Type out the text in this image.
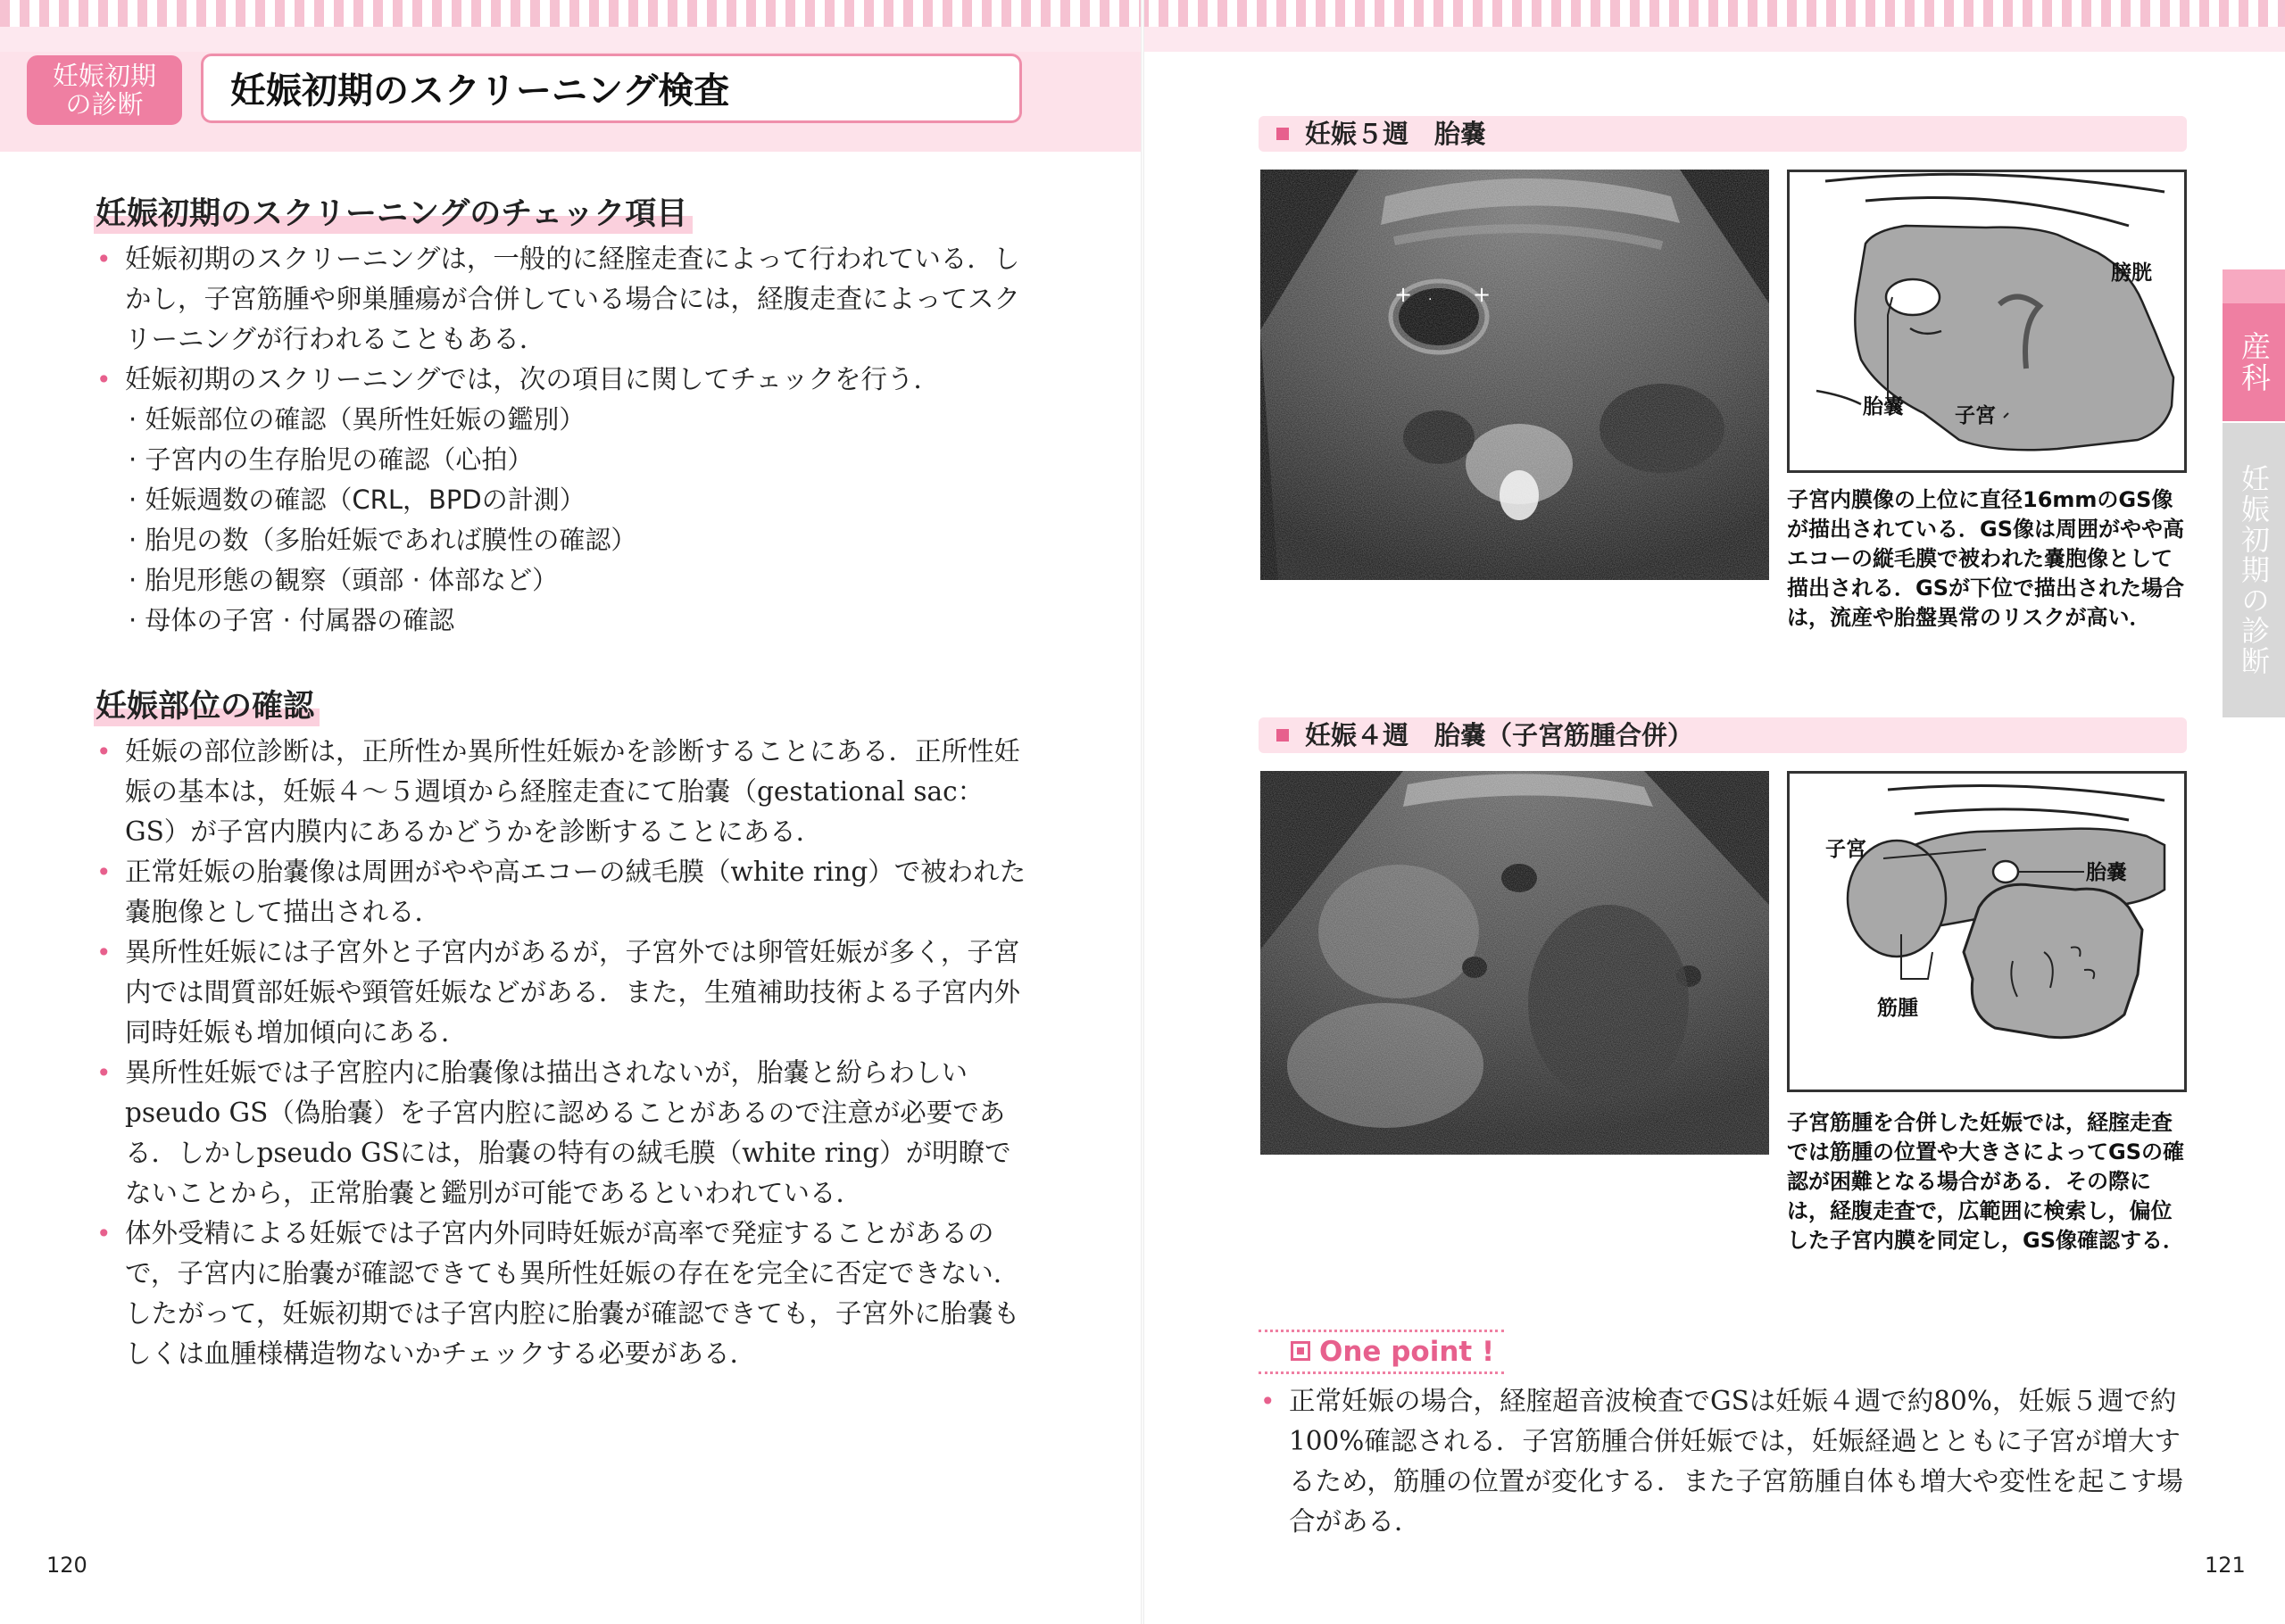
妊娠初期
の診断	妊娠初期のスクリーニング検査
妊娠初期のスクリーニングのチェック項目

• 妊娠初期のスクリーニングは，一般的に経腟走査によって行われている．しかし，子宮筋腫や卵巣腫瘍が合併している場合には，経腹走査によってスクリーニングが行われることもある．

• 妊娠初期のスクリーニングでは，次の項目に関してチェックを行う．

· 妊娠部位の確認（異所性妊娠の鑑別）
· 子宮内の生存胎児の確認（心拍）
· 妊娠週数の確認（CRL，BPDの計測）
· 胎児の数（多胎妊娠であれば膜性の確認）
· 胎児形態の観察（頭部 · 体部など）
· 母体の子宮 · 付属器の確認
妊娠部位の確認

• 妊娠の部位診断は，正所性か異所性妊娠かを診断することにある．正所性妊娠の基本は，妊娠４～５週頃から経腟走査にて胎嚢（gestational sac：GS）が子宮内膜内にあるかどうかを診断することにある．

• 正常妊娠の胎嚢像は周囲がやや高エコーの絨毛膜（white ring）で被われた嚢胞像として描出される．

• 異所性妊娠には子宮外と子宮内があるが，子宮外では卵管妊娠が多く，子宮内では間質部妊娠や頸管妊娠などがある．また，生殖補助技術よる子宮内外同時妊娠も増加傾向にある．

• 異所性妊娠では子宮腔内に胎嚢像は描出されないが，胎嚢と紛らわしいpseudo GS（偽胎嚢）を子宮内腔に認めることがあるので注意が必要である．しかしpseudo GSには，胎嚢の特有の絨毛膜（white ring）が明瞭でないことから，正常胎嚢と鑑別が可能であるといわれている．

• 体外受精による妊娠では子宮内外同時妊娠が高率で発症することがあるので，子宮内に胎嚢が確認できても異所性妊娠の存在を完全に否定できない．したがって，妊娠初期では子宮内腔に胎嚢が確認できても，子宮外に胎嚢もしくは血腫様構造物ないかチェックする必要がある．

120
妊娠５週　胎嚢
膀胱
胎嚢 子宮
子宮内膜像の上位に直径16mmのGS像が描出されている．GS像は周囲がやや高エコーの縦毛膜で被われた嚢胞像として描出される．GSが下位で描出された場合は，流産や胎盤異常のリスクが高い．
妊娠４週　胎嚢（子宮筋腫合併）
子宮
胎嚢
筋腫
子宮筋腫を合併した妊娠では，経腟走査では筋腫の位置や大きさによってGSの確認が困難となる場合がある．その際には，経腹走査で，広範囲に検索し，偏位した子宮内膜を同定し，GS像確認する．
One point !

• 正常妊娠の場合，経腟超音波検査でGSは妊娠４週で約80%，妊娠５週で約100%確認される．子宮筋腫合併妊娠では，妊娠経過とともに子宮が増大するため，筋腫の位置が変化する．また子宮筋腫自体も増大や変性を起こす場合がある．

121
産科
妊娠初期の診断
